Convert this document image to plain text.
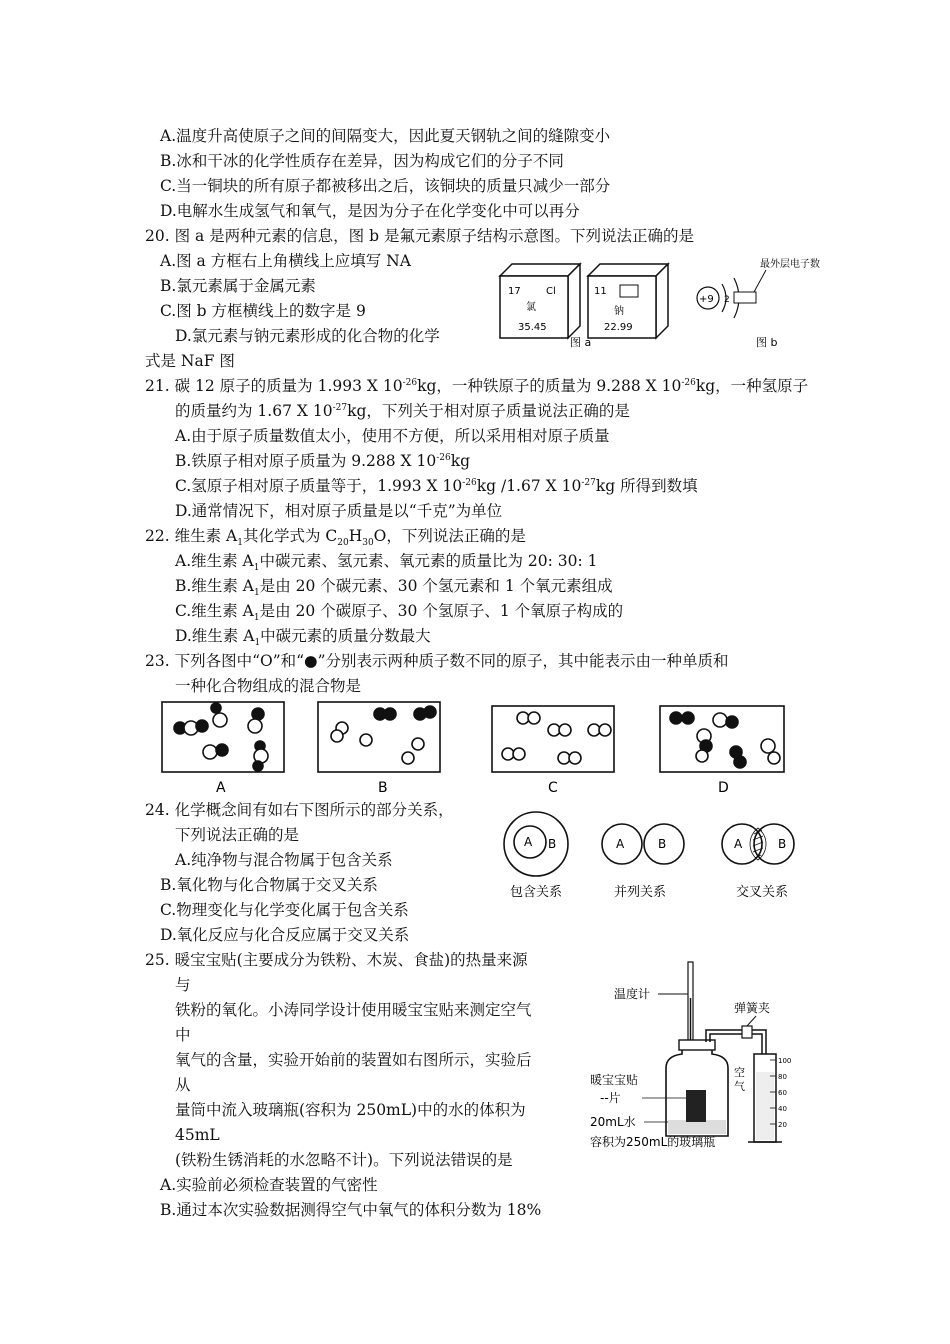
A.温度升高使原子之间的间隔变大，因此夏天钢轨之间的缝隙变小
B.冰和干冰的化学性质存在差异，因为构成它们的分子不同
C.当一铜块的所有原子都被移出之后，该铜块的质量只减少一部分
D.电解水生成氢气和氧气，是因为分子在化学变化中可以再分
20. 图 a 是两种元素的信息，图 b 是氟元素原子结构示意图。下列说法正确的是
A.图 a 方框右上角横线上应填写 NA
B.氯元素属于金属元素
C.图 b 方框横线上的数字是 9
D.氯元素与钠元素形成的化合物的化学
式是 NaF 图
17	Cl
氯
35.45
11
钠
22.99
图 a
+9 2
最外层电子数
图 b
21. 碳 12 原子的质量为 1.993 X $10^{-26}kg$，一种铁原子的质量为 9.288 X $10^{-26}kg$，一种氢原子
的质量约为 1.67 X $10^{-27}kg$，下列关于相对原子质量说法正确的是
A.由于原子质量数值太小，使用不方便，所以采用相对原子质量
B.铁原子相对原子质量为 9.288 X $10^{-26}kg$
C.氢原子相对原子质量等于，1.993 X $10^{-26}kg$ /1.67 X $10^{-27}kg$ 所得到数填
D.通常情况下，相对原子质量是以“千克”为单位
22. 维生素 $A_1$其化学式为 $C_{20}H_{30}O$，下列说法正确的是
A.维生素 $A_1$中碳元素、氢元素、氧元素的质量比为 20: 30: 1
B.维生素 $A_1$是由 20 个碳元素、30 个氢元素和 1 个氧元素组成
C.维生素 $A_1$是由 20 个碳原子、30 个氢原子、1 个氧原子构成的
D.维生素 $A_1$中碳元素的质量分数最大
23. 下列各图中“O”和“●”分别表示两种质子数不同的原子，其中能表示由一种单质和
一种化合物组成的混合物是
A	B	C	D
24. 化学概念间有如右下图所示的部分关系，
下列说法正确的是
A.纯净物与混合物属于包含关系
B.氧化物与化合物属于交叉关系
C.物理变化与化学变化属于包含关系
D.氧化反应与化合反应属于交叉关系
A B	A	B	A	B
包含关系	并列关系	交叉关系
25. 暖宝宝贴(主要成分为铁粉、木炭、食盐)的热量来源
与
铁粉的氧化。小涛同学设计使用暖宝宝贴来测定空气
中
氧气的含量，实验开始前的装置如右图所示，实验后
从
量筒中流入玻璃瓶(容积为 250mL)中的水的体积为
45mL
(铁粉生锈消耗的水忽略不计)。下列说法错误的是
A.实验前必须检查装置的气密性
B.通过本次实验数据测得空气中氧气的体积分数为 18%
温度计
弹簧夹
100
80
60
40
20
空
气
暖宝宝贴
--片
20mL水
容积为250mL的玻璃瓶
